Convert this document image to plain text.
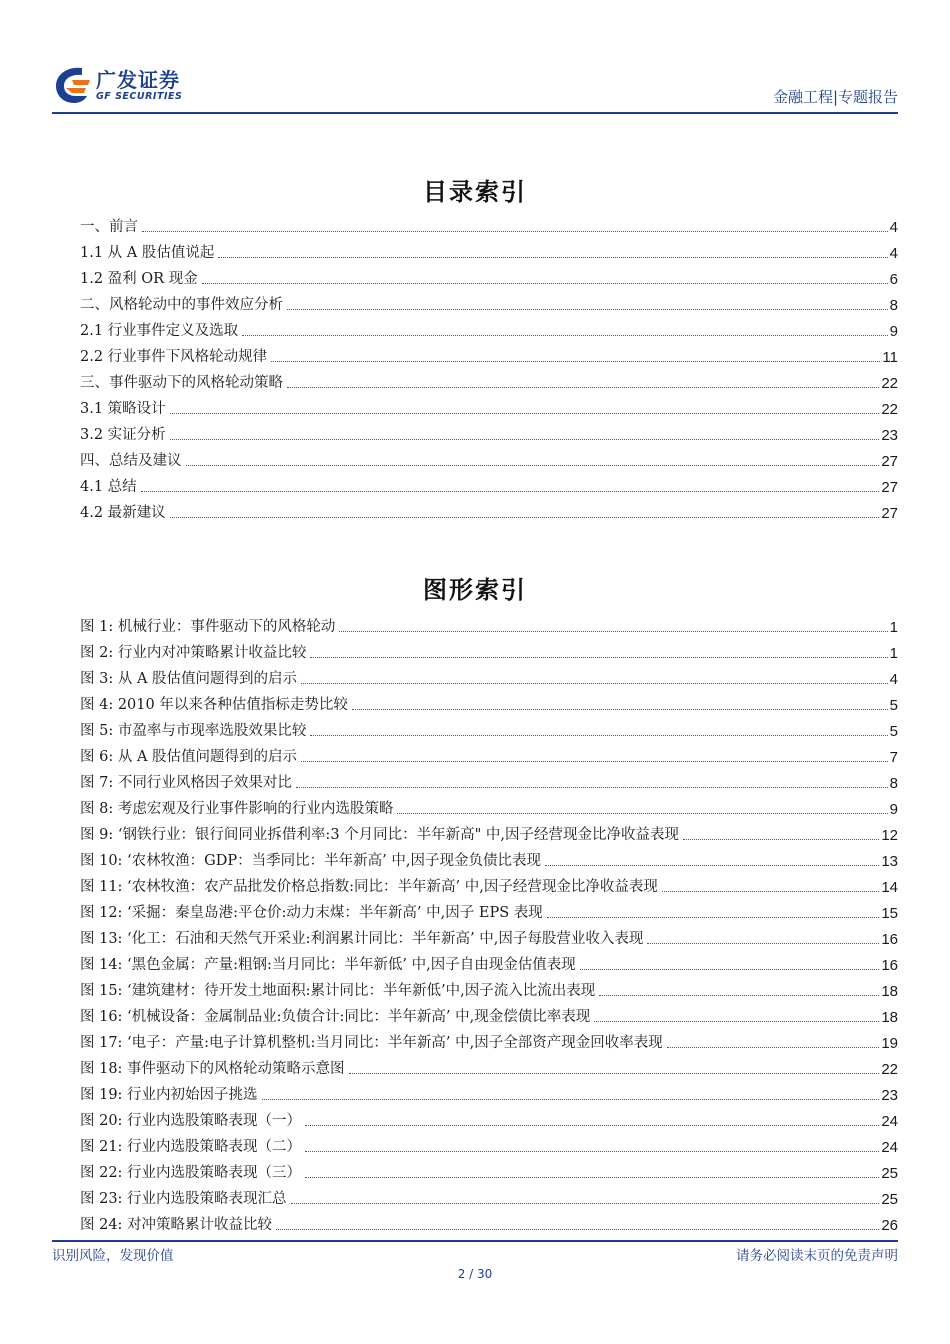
广发证券
GF SECURITIES	金融工程|专题报告
目录索引
一、前言	4
1.1 从 A 股估值说起	4
1.2 盈利 OR 现金	6
二、风格轮动中的事件效应分析	8
2.1 行业事件定义及选取	9
2.2 行业事件下风格轮动规律	11
三、事件驱动下的风格轮动策略	22
3.1 策略设计	22
3.2 实证分析	23
四、总结及建议	27
4.1 总结	27
4.2 最新建议	27
图形索引
图 1: 机械行业：事件驱动下的风格轮动	1
图 2: 行业内对冲策略累计收益比较	1
图 3: 从 A 股估值问题得到的启示	4
图 4: 2010 年以来各种估值指标走势比较	5
图 5: 市盈率与市现率选股效果比较	5
图 6: 从 A 股估值问题得到的启示	7
图 7: 不同行业风格因子效果对比	8
图 8: 考虑宏观及行业事件影响的行业内选股策略	9
图 9: ‘钢铁行业：银行间同业拆借利率:3 个月同比：半年新高" 中,因子经营现金比净收益表现	12
图 10: ‘农林牧渔：GDP：当季同比：半年新高’ 中,因子现金负债比表现	13
图 11: ‘农林牧渔：农产品批发价格总指数:同比：半年新高’ 中,因子经营现金比净收益表现	14
图 12: ‘采掘：秦皇岛港:平仓价:动力末煤：半年新高’ 中,因子 EPS 表现	15
图 13: ‘化工：石油和天然气开采业:利润累计同比：半年新高’ 中,因子每股营业收入表现	16
图 14: ‘黑色金属：产量:粗钢:当月同比：半年新低’ 中,因子自由现金估值表现	16
图 15: ‘建筑建材：待开发土地面积:累计同比：半年新低’中,因子流入比流出表现	18
图 16: ‘机械设备：金属制品业:负债合计:同比：半年新高’ 中,现金偿债比率表现	18
图 17: ‘电子：产量:电子计算机整机:当月同比：半年新高’ 中,因子全部资产现金回收率表现	19
图 18: 事件驱动下的风格轮动策略示意图	22
图 19: 行业内初始因子挑选	23
图 20: 行业内选股策略表现（一）	24
图 21: 行业内选股策略表现（二）	24
图 22: 行业内选股策略表现（三）	25
图 23: 行业内选股策略表现汇总	25
图 24: 对冲策略累计收益比较	26
识别风险，发现价值	请务必阅读末页的免责声明
2 / 30
